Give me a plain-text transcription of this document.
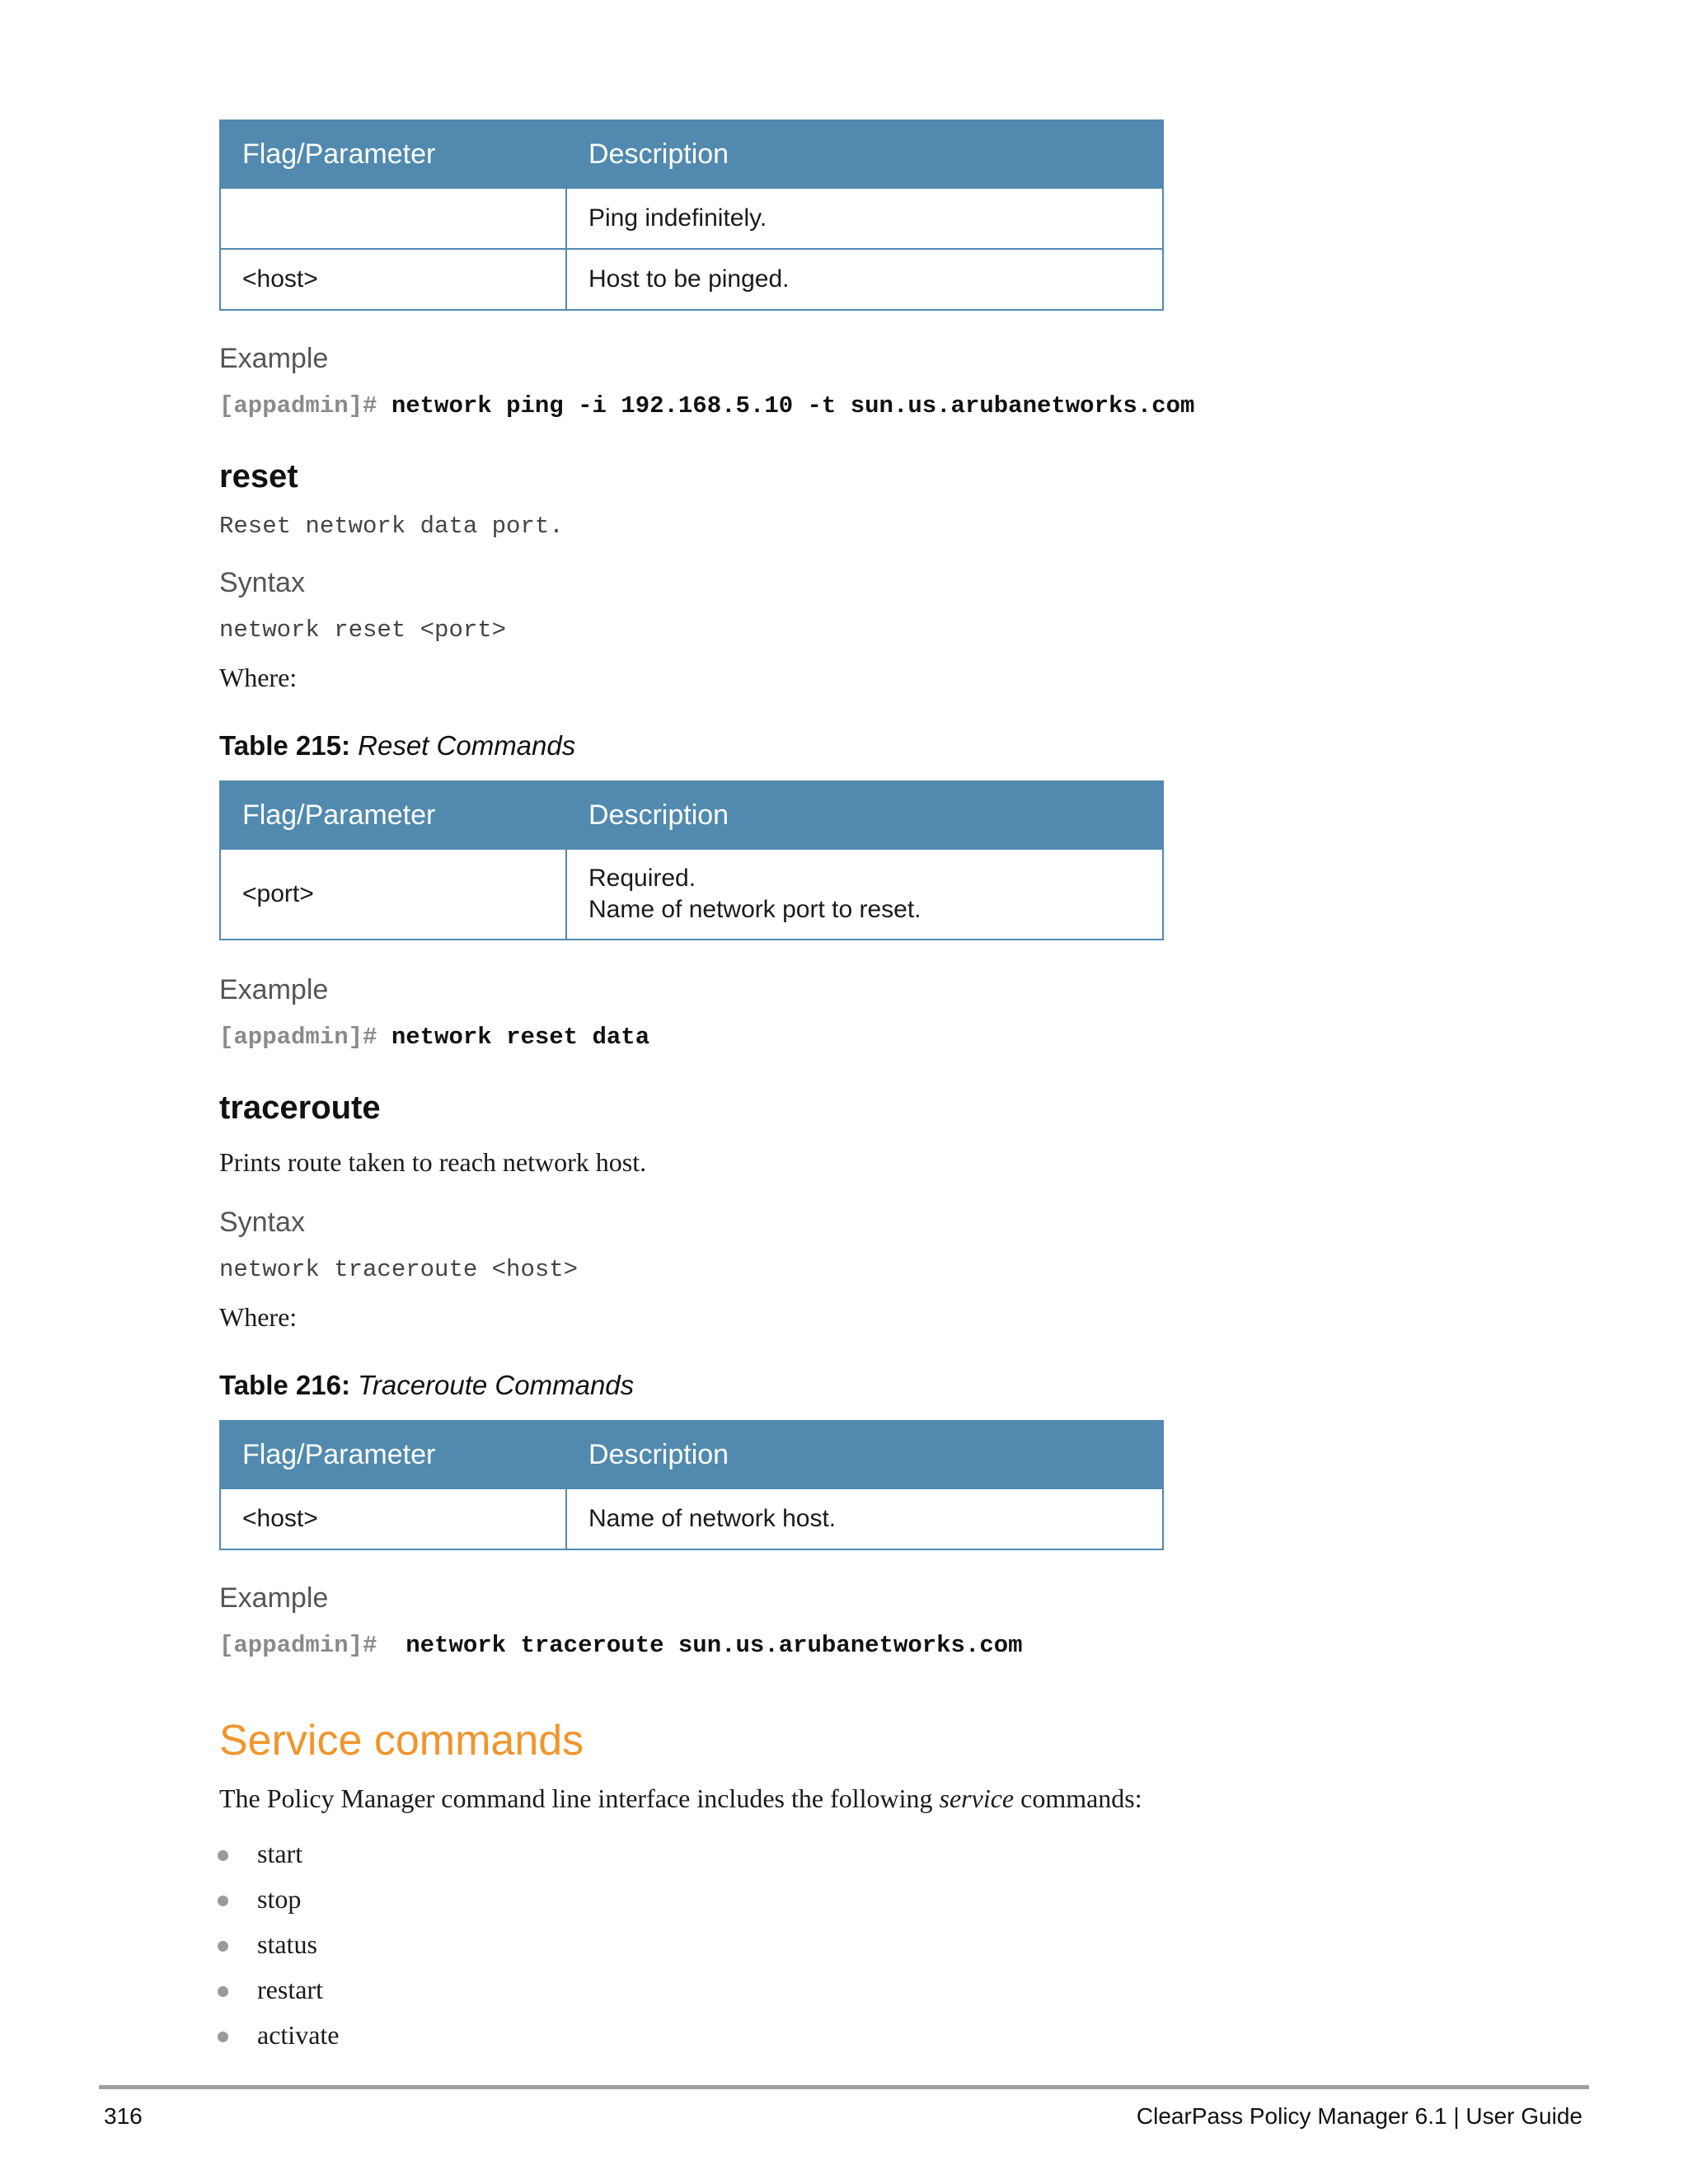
Flag/Parameter	Description
	Ping indefinitely.
<host>	Host to be pinged.
Example
[appadmin]# network ping -i 192.168.5.10 -t sun.us.arubanetworks.com
reset
Reset network data port.
Syntax
network reset <port>
Where:
Table 215: Reset Commands
Flag/Parameter	Description
<port>	Required.
Name of network port to reset.
Example
[appadmin]# network reset data
traceroute
Prints route taken to reach network host.
Syntax
network traceroute <host>
Where:
Table 216: Traceroute Commands
Flag/Parameter	Description
<host>	Name of network host.
Example
[appadmin]# network traceroute sun.us.arubanetworks.com
Service commands
The Policy Manager command line interface includes the following service commands:
start
stop
status
restart
activate
316	ClearPass Policy Manager 6.1 | User Guide
